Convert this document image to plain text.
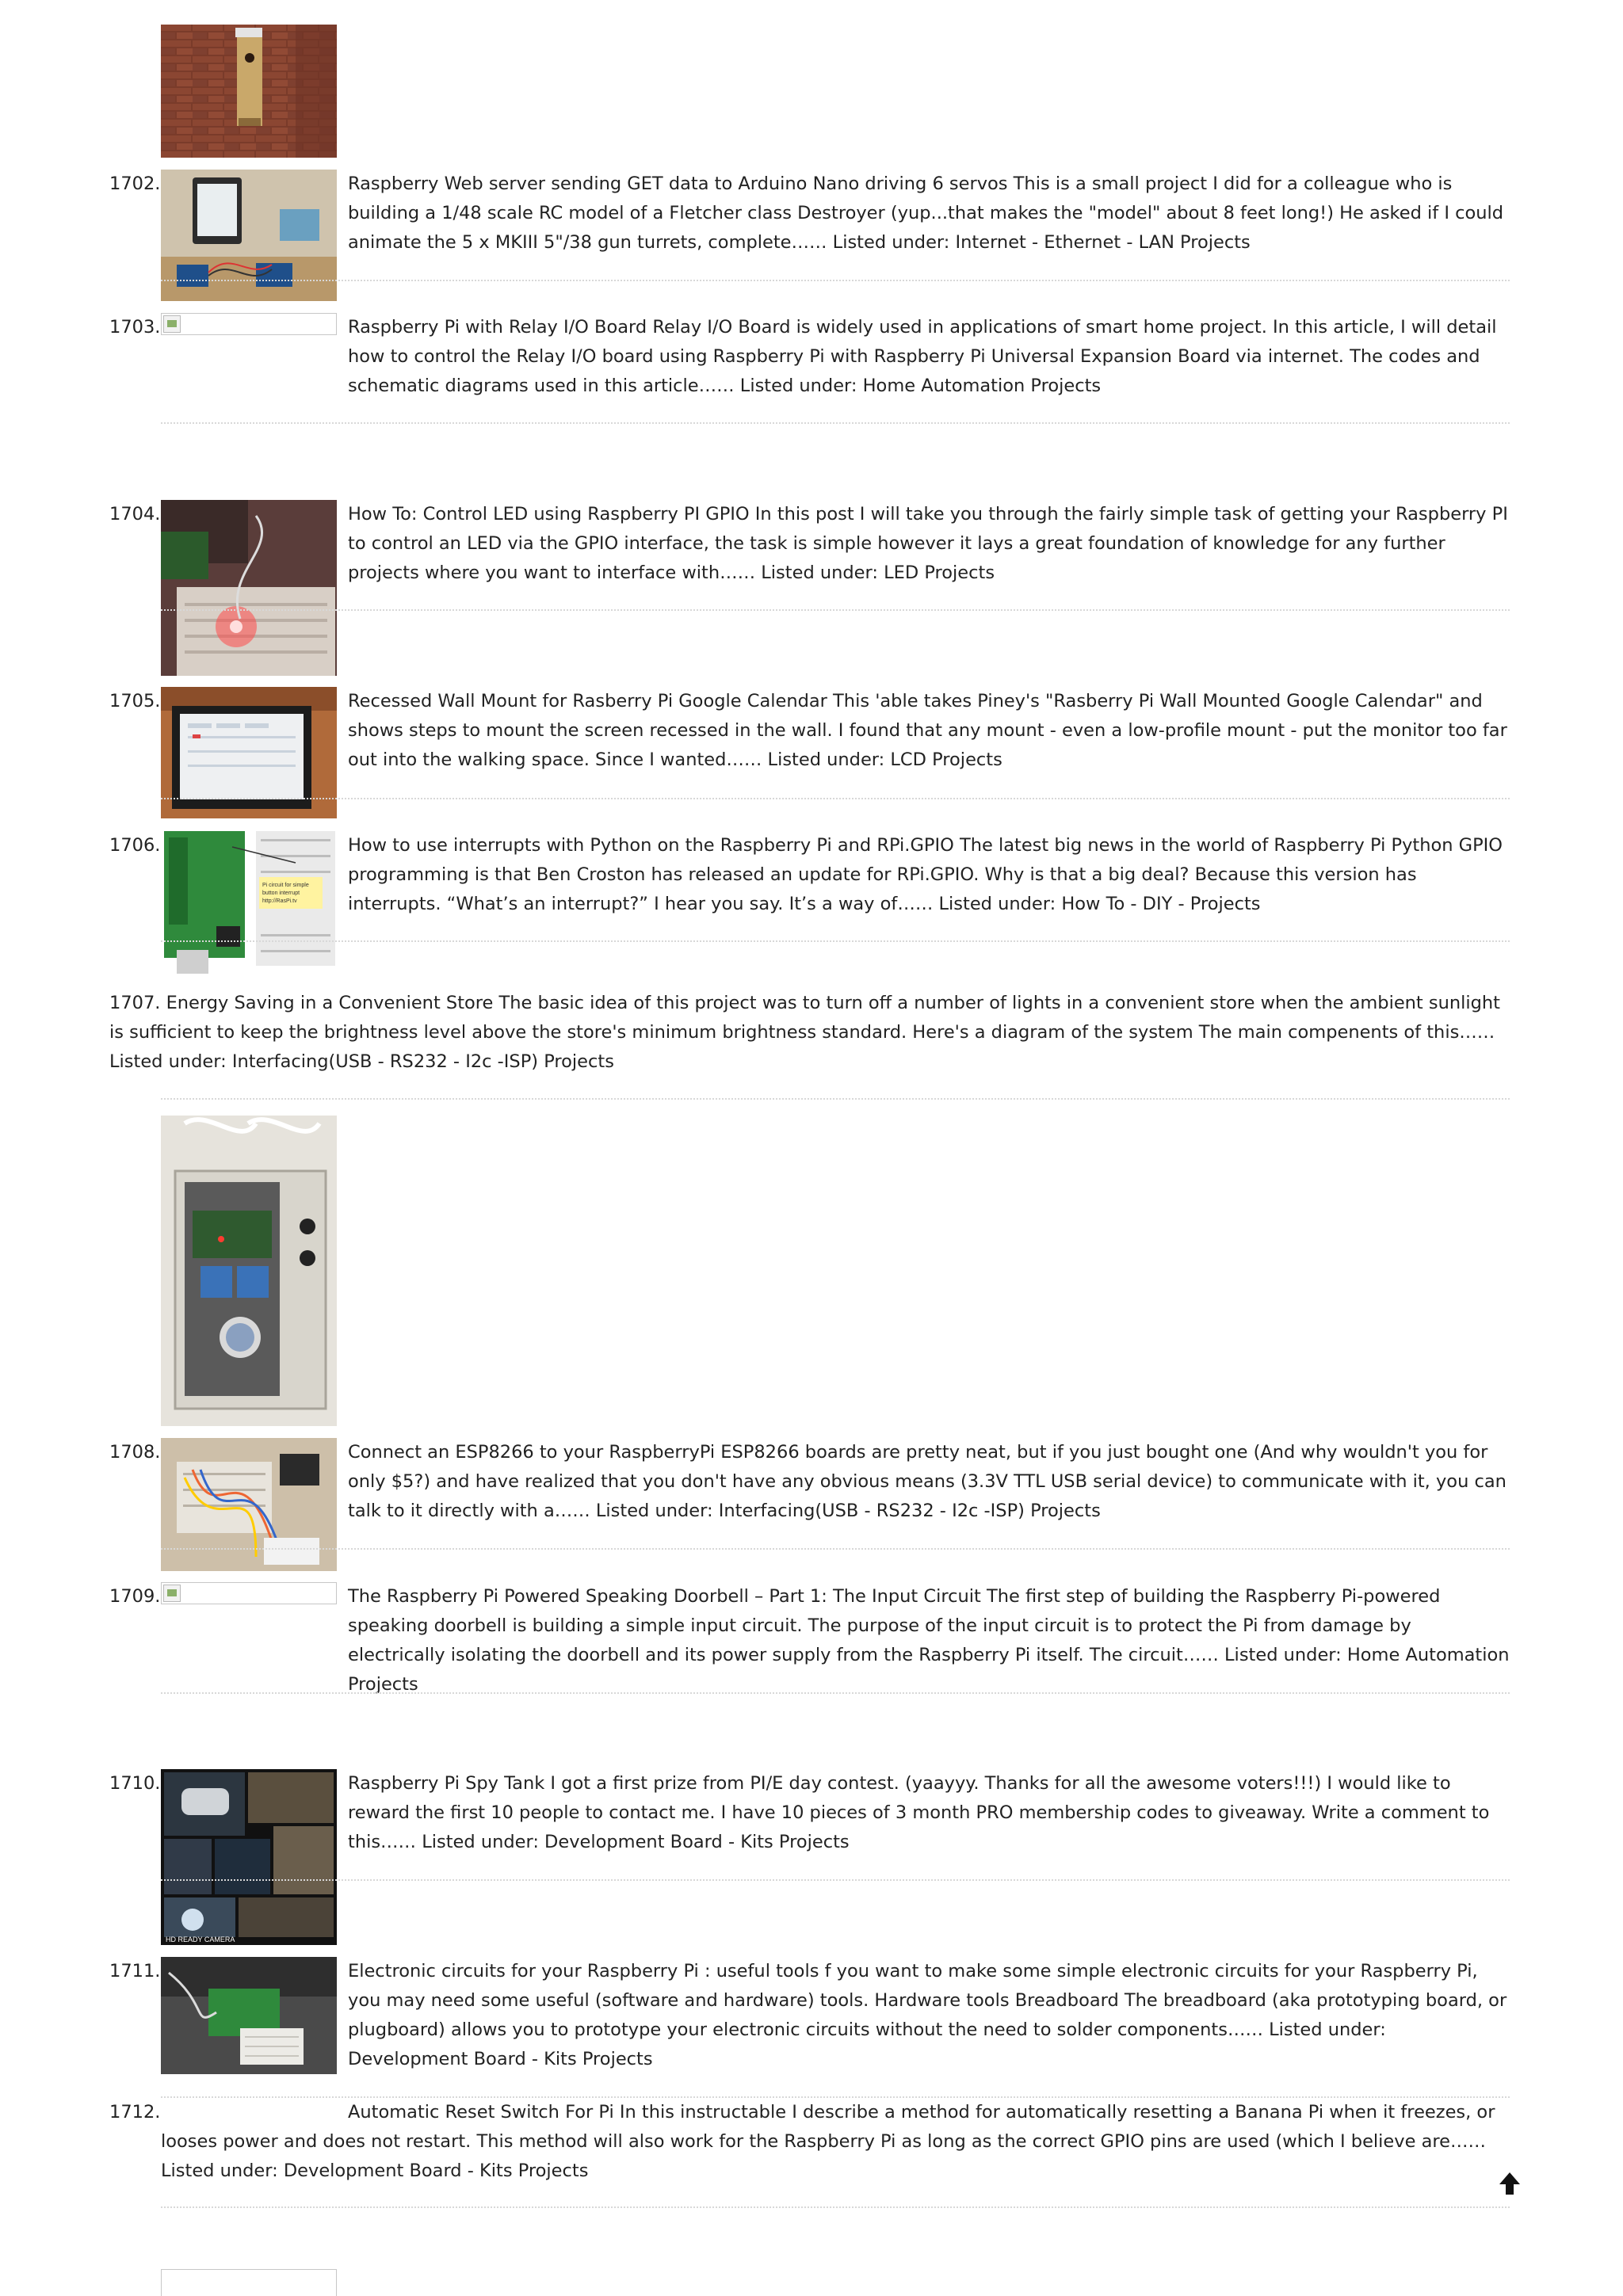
1702.	Raspberry Web server sending GET data to Arduino Nano driving 6 servos This is a small project I did for a colleague who is building a 1/48 scale RC model of a Fletcher class Destroyer (yup...that makes the "model" about 8 feet long!) He asked if I could animate the 5 x MKIII 5"/38 gun turrets, complete…… Listed under: Internet - Ethernet - LAN Projects
1703.	Raspberry Pi with Relay I/O Board Relay I/O Board is widely used in applications of smart home project. In this article, I will detail how to control the Relay I/O board using Raspberry Pi with Raspberry Pi Universal Expansion Board via internet. The codes and schematic diagrams used in this article…… Listed under: Home Automation Projects
1704.	How To: Control LED using Raspberry PI GPIO In this post I will take you through the fairly simple task of getting your Raspberry PI to control an LED via the GPIO interface, the task is simple however it lays a great foundation of knowledge for any further projects where you want to interface with…… Listed under: LED Projects
1705.	Recessed Wall Mount for Rasberry Pi Google Calendar This 'able takes Piney's "Rasberry Pi Wall Mounted Google Calendar" and shows steps to mount the screen recessed in the wall. I found that any mount - even a low-profile mount - put the monitor too far out into the walking space. Since I wanted…… Listed under: LCD Projects
1706.
Pi circuit for simple
button interrupt
http://RasPi.tv
How to use interrupts with Python on the Raspberry Pi and RPi.GPIO The latest big news in the world of Raspberry Pi Python GPIO programming is that Ben Croston has released an update for RPi.GPIO. Why is that a big deal? Because this version has interrupts. “What’s an interrupt?” I hear you say. It’s a way of…… Listed under: How To - DIY - Projects
1707. Energy Saving in a Convenient Store The basic idea of this project was to turn off a number of lights in a convenient store when the ambient sunlight is sufficient to keep the brightness level above the store's minimum brightness standard. Here's a diagram of the system The main compenents of this…… Listed under: Interfacing(USB - RS232 - I2c -ISP) Projects
1708.	Connect an ESP8266 to your RaspberryPi ESP8266 boards are pretty neat, but if you just bought one (And why wouldn't you for only $5?) and have realized that you don't have any obvious means (3.3V TTL USB serial device) to communicate with it, you can talk to it directly with a…… Listed under: Interfacing(USB - RS232 - I2c -ISP) Projects
1709.	The Raspberry Pi Powered Speaking Doorbell – Part 1: The Input Circuit The first step of building the Raspberry Pi-powered speaking doorbell is building a simple input circuit. The purpose of the input circuit is to protect the Pi from damage by electrically isolating the doorbell and its power supply from the Raspberry Pi itself. The circuit…… Listed under: Home Automation Projects
1710.
HD READY CAMERA
Raspberry Pi Spy Tank I got a first prize from PI/E day contest. (yaayyy. Thanks for all the awesome voters!!!) I would like to reward the first 10 people to contact me. I have 10 pieces of 3 month PRO membership codes to giveaway. Write a comment to this…… Listed under: Development Board - Kits Projects
1711.	Electronic circuits for your Raspberry Pi : useful tools f you want to make some simple electronic circuits for your Raspberry Pi, you may need some useful (software and hardware) tools. Hardware tools Breadboard The breadboard (aka prototyping board, or plugboard) allows you to prototype your electronic circuits without the need to solder components…… Listed under: Development Board - Kits Projects
1712.	Automatic Reset Switch For Pi In this instructable I describe a method for automatically resetting a Banana Pi when it freezes, or looses power and does not restart. This method will also work for the Raspberry Pi as long as the correct GPIO pins are used (which I believe are…… Listed under: Development Board - Kits Projects
